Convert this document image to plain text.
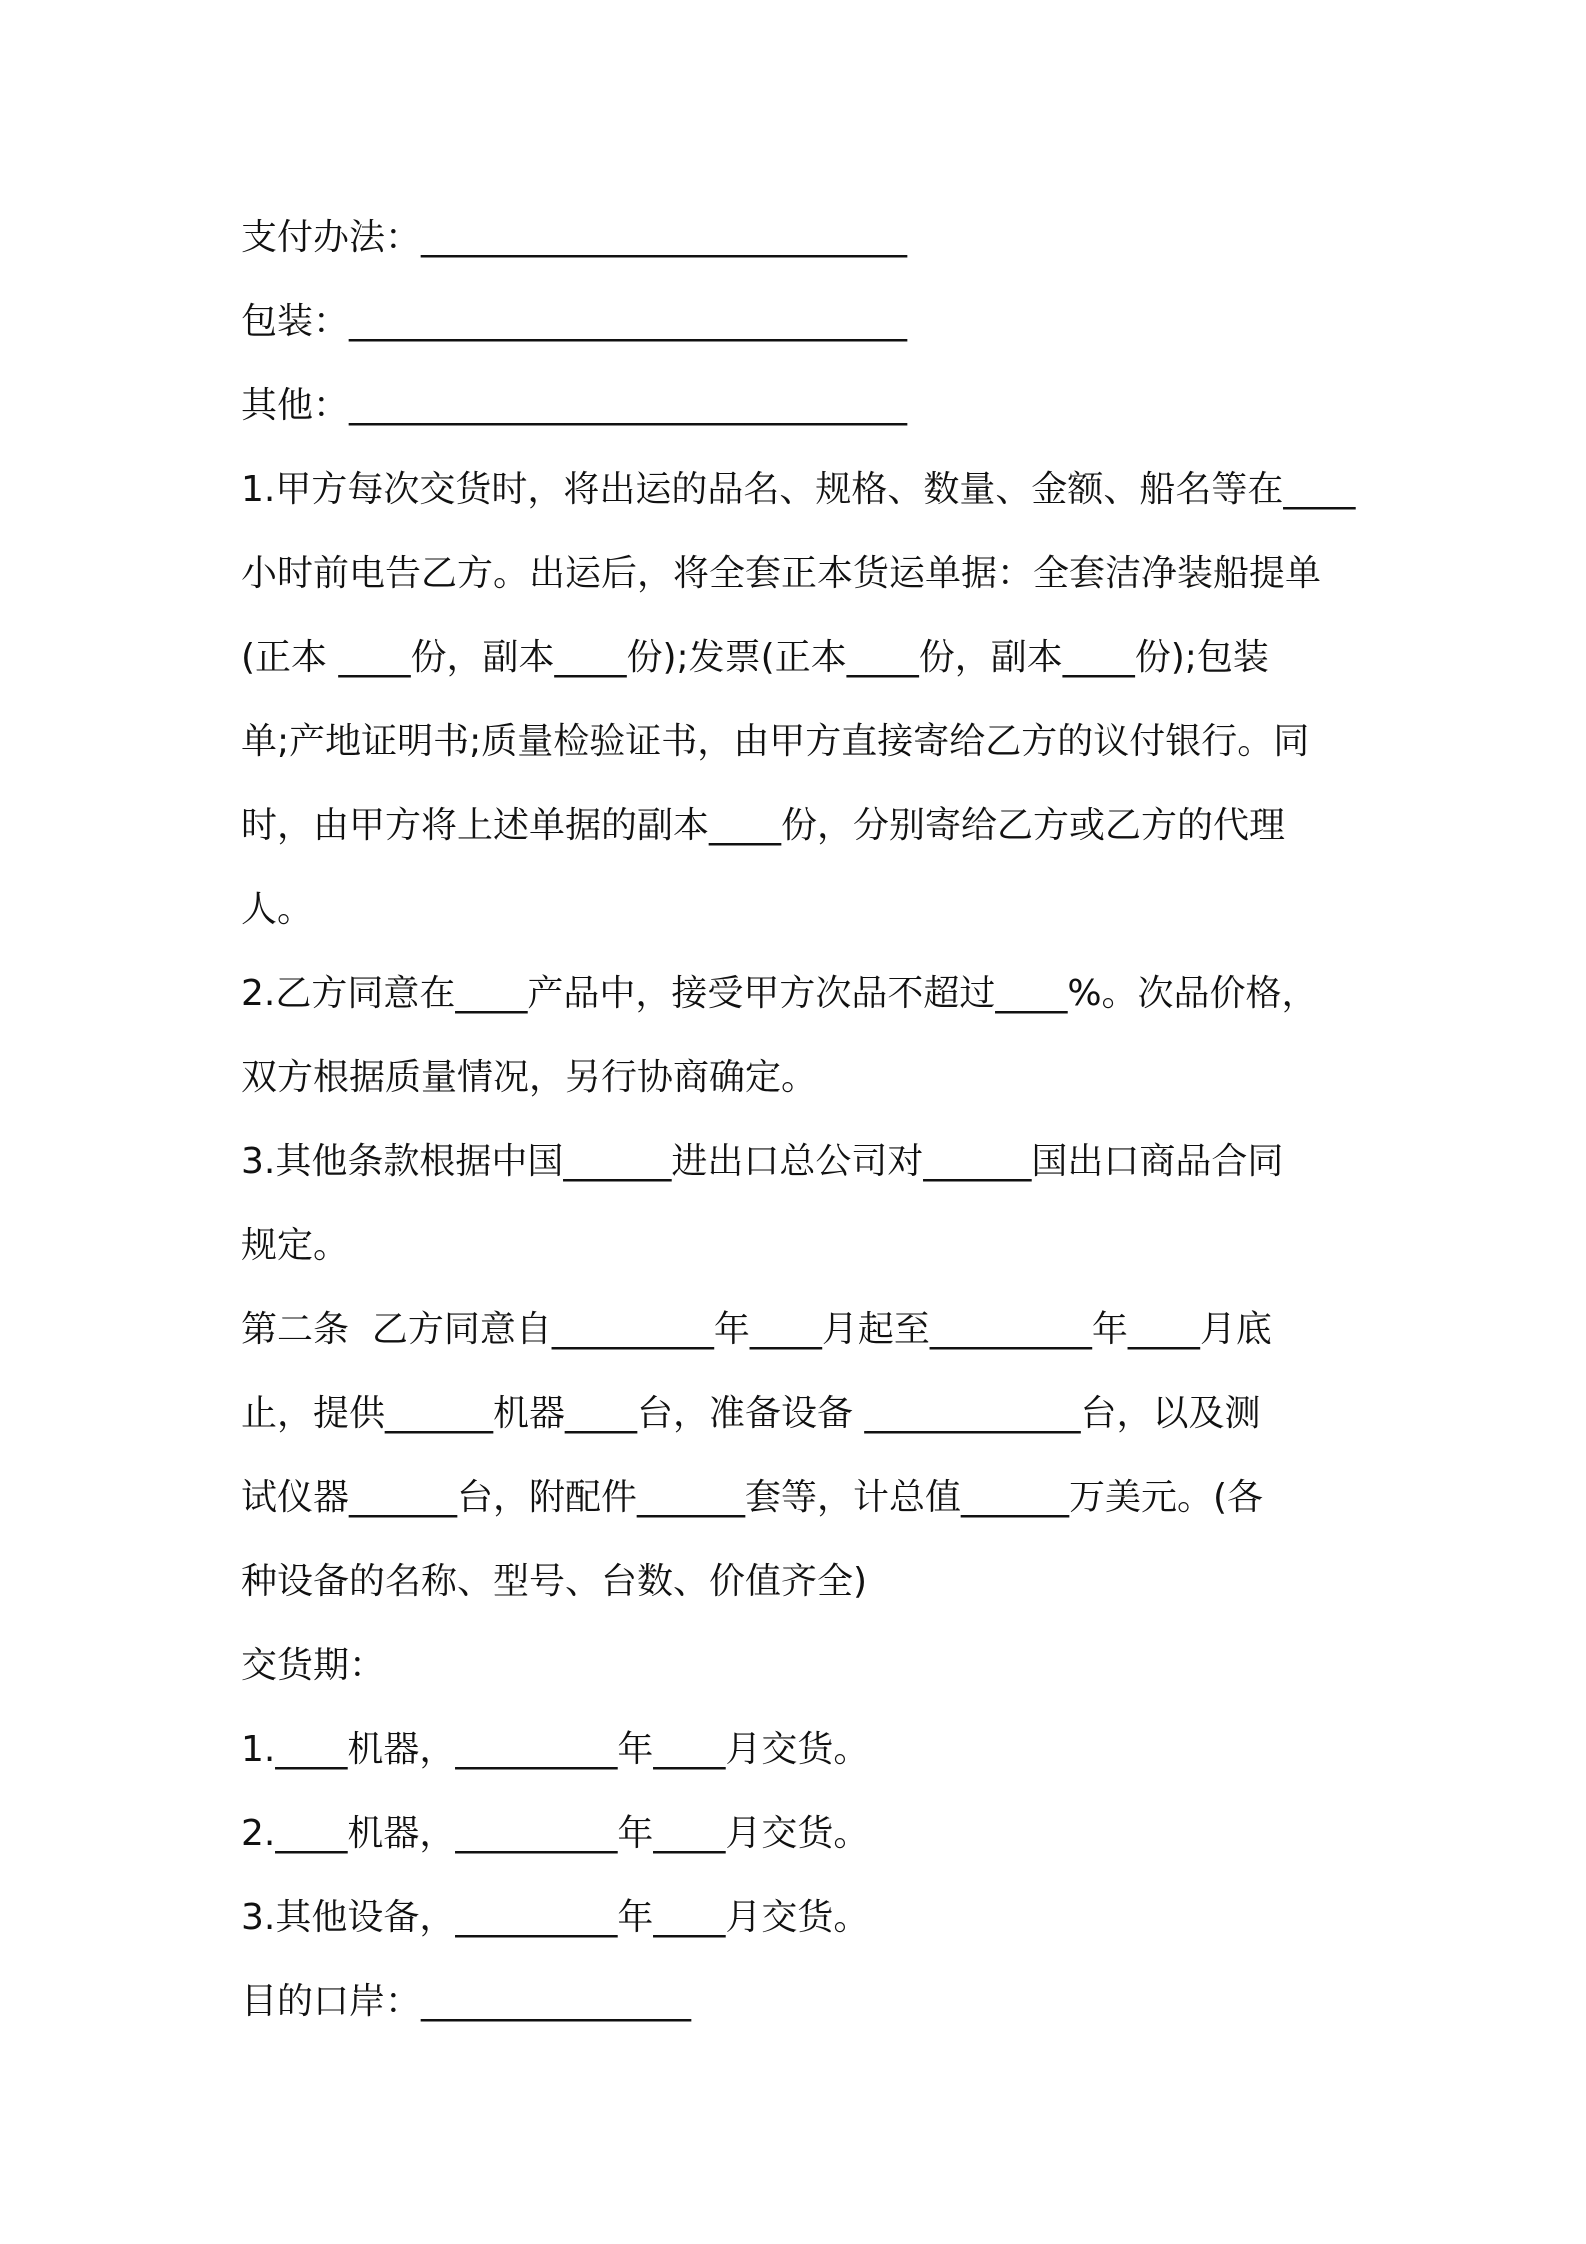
支付办法：___________________________
包装：_______________________________
其他：_______________________________
1.甲方每次交货时，将出运的品名、规格、数量、金额、船名等在____
小时前电告乙方。出运后，将全套正本货运单据：全套洁净装船提单
(正本 ____份，副本____份);发票(正本____份，副本____份);包装
单;产地证明书;质量检验证书，由甲方直接寄给乙方的议付银行。同
时，由甲方将上述单据的副本____份，分别寄给乙方或乙方的代理
人。
2.乙方同意在____产品中，接受甲方次品不超过____%。次品价格，
双方根据质量情况，另行协商确定。
3.其他条款根据中国______进出口总公司对______国出口商品合同
规定。
第二条  乙方同意自_________年____月起至_________年____月底
止，提供______机器____台，准备设备 ____________台，以及测
试仪器______台，附配件______套等，计总值______万美元。(各
种设备的名称、型号、台数、价值齐全)
交货期：
1.____机器，_________年____月交货。
2.____机器，_________年____月交货。
3.其他设备，_________年____月交货。
目的口岸：_______________
